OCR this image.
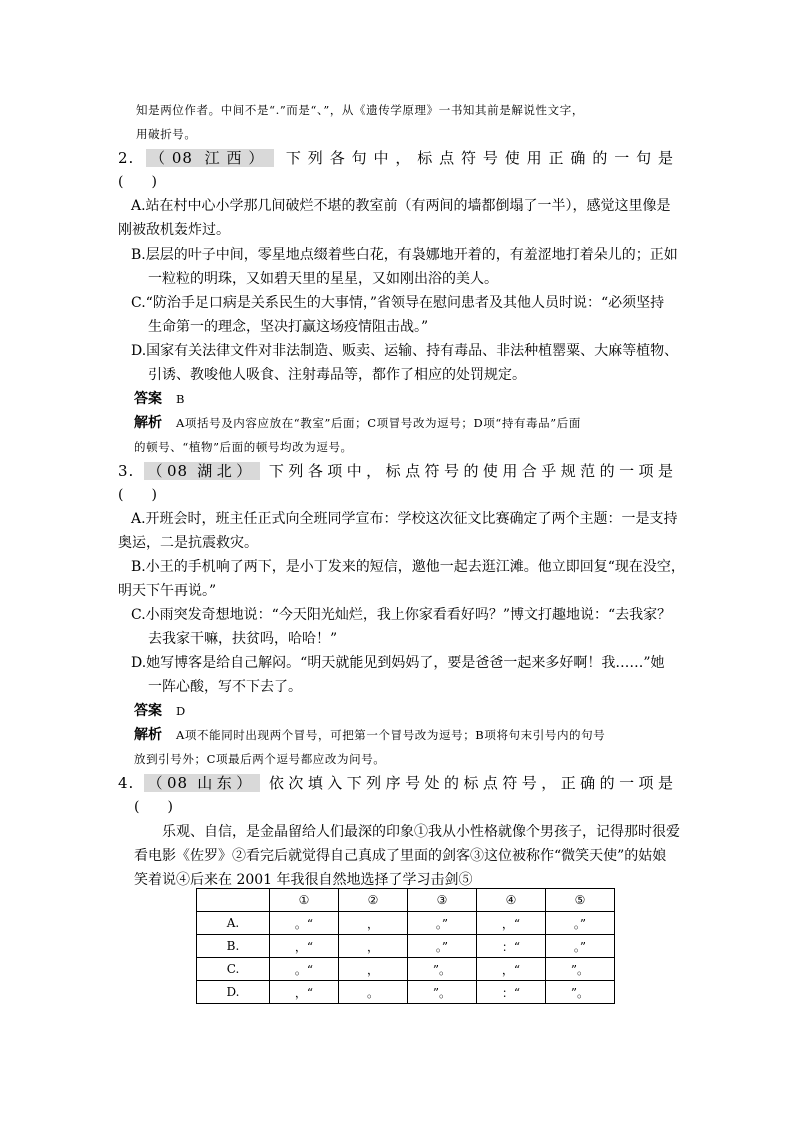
知是两位作者。中间不是“.”而是“、”，从《遗传学原理》一书知其前是解说性文字，
用破折号。
2. （08 江西） 下列各句中，标点符号使用正确的一句是
(　　)
A.站在村中心小学那几间破烂不堪的教室前（有两间的墙都倒塌了一半），感觉这里像是
刚被敌机轰炸过。
B.层层的叶子中间，零星地点缀着些白花，有袅娜地开着的，有羞涩地打着朵儿的；正如
一粒粒的明珠，又如碧天里的星星，又如刚出浴的美人。
C.“防治手足口病是关系民生的大事情，”省领导在慰问患者及其他人员时说：“必须坚持
生命第一的理念，坚决打赢这场疫情阻击战。”
D.国家有关法律文件对非法制造、贩卖、运输、持有毒品、非法种植罂粟、大麻等植物、
引诱、教唆他人吸食、注射毒品等，都作了相应的处罚规定。
答案 B
解析 A项括号及内容应放在“教室”后面；C项冒号改为逗号；D项“持有毒品”后面
的顿号、“植物”后面的顿号均改为逗号。
3. （08 湖北） 下列各项中，标点符号的使用合乎规范的一项是
(　　)
A.开班会时，班主任正式向全班同学宣布：学校这次征文比赛确定了两个主题：一是支持
奥运，二是抗震救灾。
B.小王的手机响了两下，是小丁发来的短信，邀他一起去逛江滩。他立即回复“现在没空，
明天下午再说。”
C.小雨突发奇想地说：“今天阳光灿烂，我上你家看看好吗？”博文打趣地说：“去我家？
去我家干嘛，扶贫吗，哈哈！”
D.她写博客是给自己解闷。“明天就能见到妈妈了，要是爸爸一起来多好啊！我……”她
一阵心酸，写不下去了。
答案 D
解析 A项不能同时出现两个冒号，可把第一个冒号改为逗号；B项将句末引号内的句号
放到引号外；C项最后两个逗号都应改为问号。
4. （08 山东） 依次填入下列序号处的标点符号，正确的一项是
(　　)
乐观、自信，是金晶留给人们最深的印象①我从小性格就像个男孩子，记得那时很爱
看电影《佐罗》②看完后就觉得自己真成了里面的剑客③这位被称作“微笑天使”的姑娘
笑着说④后来在 2001 年我很自然地选择了学习击剑⑤
	①	②	③	④	⑤
A.	。“	，	。”	，“	。”
B.	，“	，	。”	：“	。”
C.	。“	，	”。	，“	”。
D.	，“	。	”。	：“	”。
